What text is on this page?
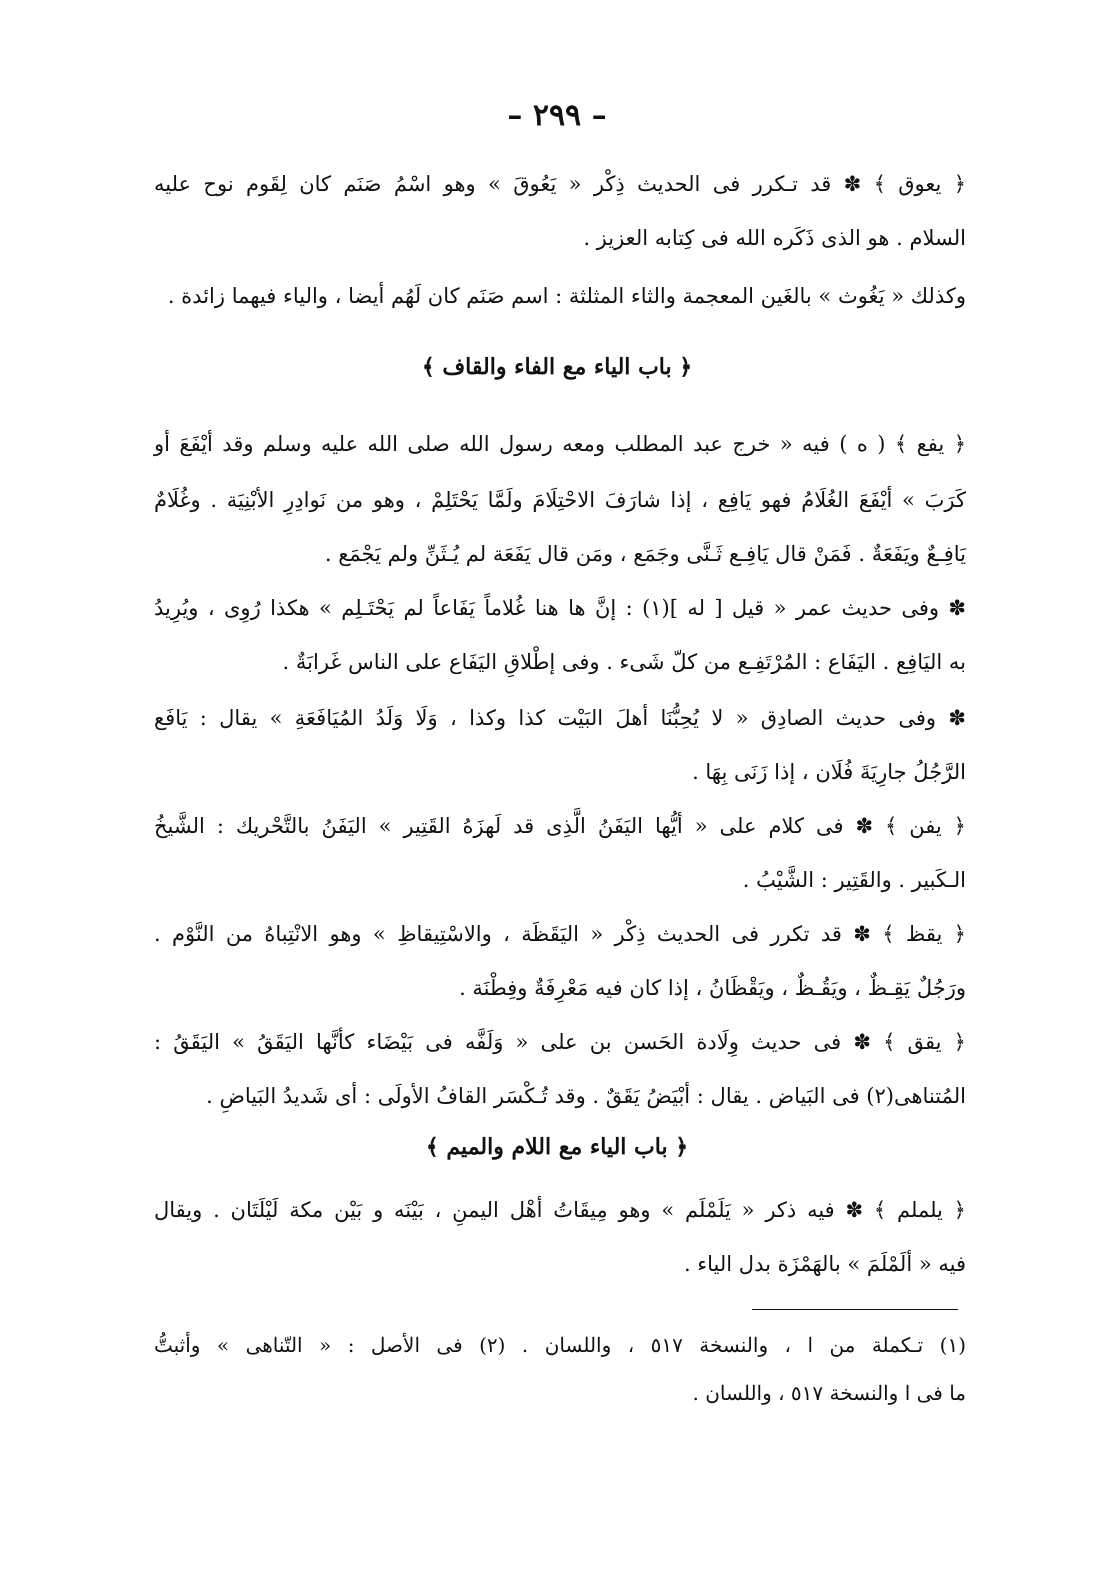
– ٢٩٩ –
﴿ يعوق ﴾ ✽ قد تـكرر فى الحديث ذِكْر « يَعُوقَ » وهو اسْمُ صَنَم كان لِقَوم نوح عليه
السلام . هو الذى ذَكَره الله فى كِتابه العزيز .
وكذلك « يَغُوث » بالغَين المعجمة والثاء المثلثة : اسم صَنَم كان لَهُم أيضا ، والياء فيهما زائدة .
﴿ باب الياء مع الفاء والقاف ﴾
﴿ يفع ﴾ ( ه ) فيه « خرج عبد المطلب ومعه رسول الله صلى الله عليه وسلم وقد أيْفَعَ أو
كَرَبَ » أيْفَعَ الغُلَامُ فهو يَافِع ، إذا شارَفَ الاحْتِلَامَ ولَمَّا يَحْتَلِمْ ، وهو من نَوادِرِ الأبْنِيَة . وغُلَامٌ
يَافِـعٌ ويَفَعَةٌ . فَمَنْ قال يَافِـع ثَـنَّى وجَمَع ، ومَن قال يَفَعَة لم يُـثَنِّ ولم يَجْمَع .
✽ وفى حديث عمر « قيل [ له ](١) : إنَّ ها هنا غُلاماً يَفَاعاً لم يَحْتَـلِم » هكذا رُوِى ، ويُرِيدُ
به اليَافِع . اليَفَاع : المُرْتَفِـع من كلّ شَىء . وفى إطْلاقِ اليَفَاع على الناس غَرابَةٌ .
✽ وفى حديث الصادِق « لا يُحِبُّنَا أهلَ البَيْت كذا وكذا ، وَلَا وَلَدُ المُيَافَعَةِ » يقال : يَافَع
الرَّجُلُ جارِيَةَ فُلَان ، إذا زَنَى بِهَا .
﴿ يفن ﴾ ✽ فى كلام على « أيُّها اليَفَنُ الَّذِى قد لَهزَهُ القَتِير » اليَفَنُ بالتَّحْريك : الشَّيخُ
الـكَبير . والقَتِير : الشَّيْبُ .
﴿ يقظ ﴾ ✽ قد تكرر فى الحديث ذِكْر « اليَقَظَة ، والاسْتِيقاظِ » وهو الانْتِباهُ من النَّوْم .
ورَجُلٌ يَقِـظٌ ، ويَقُـظٌ ، ويَقْظَانُ ، إذا كان فيه مَعْرِفَةٌ وفِطْنَة .
﴿ يقق ﴾ ✽ فى حديث وِلَادة الحَسن بن على « وَلَفَّه فى بَيْضَاء كأنَّها اليَقَقُ » اليَقَقُ :
المُتناهى(٢) فى البَياض . يقال : أبْيَضُ يَقَقٌ . وقد تُـكْسَر القافُ الأولَى : أى شَديدُ البَياضِ .
﴿ باب الياء مع اللام والميم ﴾
﴿ يلملم ﴾ ✽ فيه ذكر « يَلَمْلَم » وهو مِيقَاتُ أهْل اليمنِ ، بَيْنَه و بَيْن مكة لَيْلَتَان . ويقال
فيه « ألَمْلَمَ » بالهَمْزَة بدل الياء .
(١) تـكملة من ا ، والنسخة ٥١٧ ، واللسان . (٢) فى الأصل : « التّناهى » وأثبتُّ
ما فى ا والنسخة ٥١٧ ، واللسان .
